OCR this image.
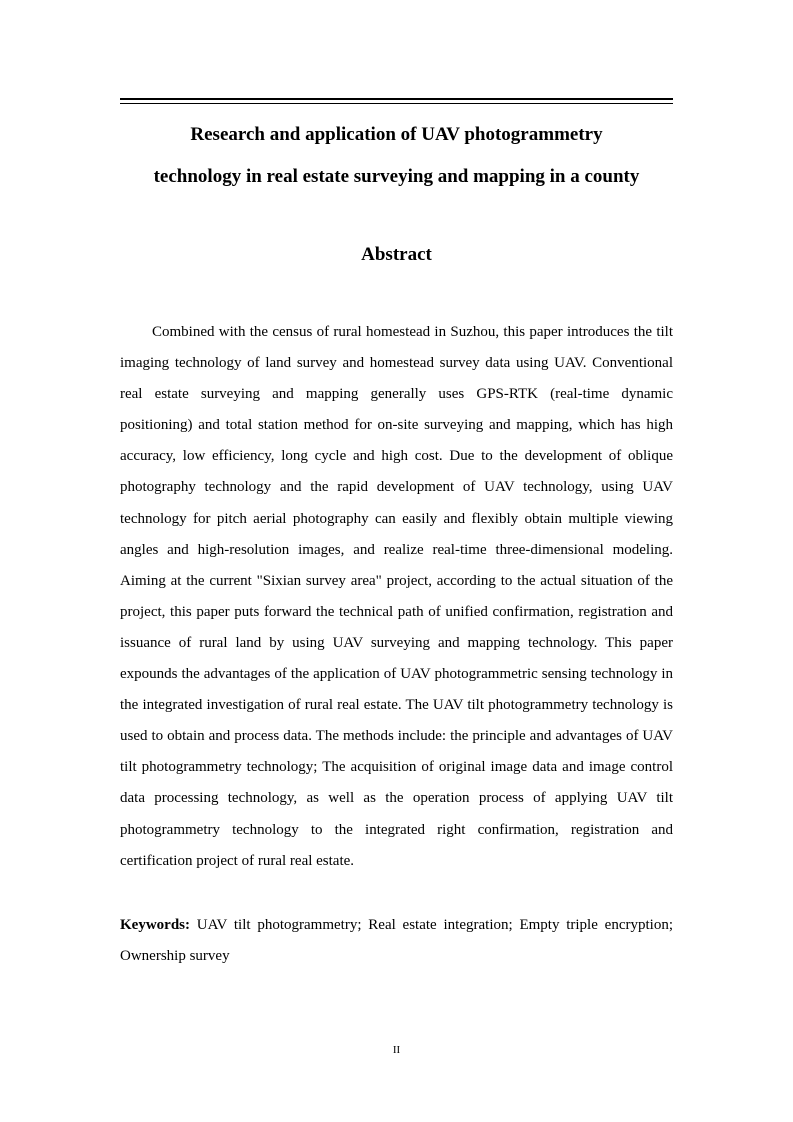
Research and application of UAV photogrammetry
technology in real estate surveying and mapping in a county
Abstract

Combined with the census of rural homestead in Suzhou, this paper introduces the tilt imaging technology of land survey and homestead survey data using UAV. Conventional real estate surveying and mapping generally uses GPS-RTK (real-time dynamic positioning) and total station method for on-site surveying and mapping, which has high accuracy, low efficiency, long cycle and high cost. Due to the development of oblique photography technology and the rapid development of UAV technology, using UAV technology for pitch aerial photography can easily and flexibly obtain multiple viewing angles and high-resolution images, and realize real-time three-dimensional modeling. Aiming at the current "Sixian survey area" project, according to the actual situation of the project, this paper puts forward the technical path of unified confirmation, registration and issuance of rural land by using UAV surveying and mapping technology. This paper expounds the advantages of the application of UAV photogrammetric sensing technology in the integrated investigation of rural real estate. The UAV tilt photogrammetry technology is used to obtain and process data. The methods include: the principle and advantages of UAV tilt photogrammetry technology; The acquisition of original image data and image control data processing technology, as well as the operation process of applying UAV tilt photogrammetry technology to the integrated right confirmation, registration and certification project of rural real estate.

Keywords: UAV tilt photogrammetry; Real estate integration; Empty triple encryption; Ownership survey

II
